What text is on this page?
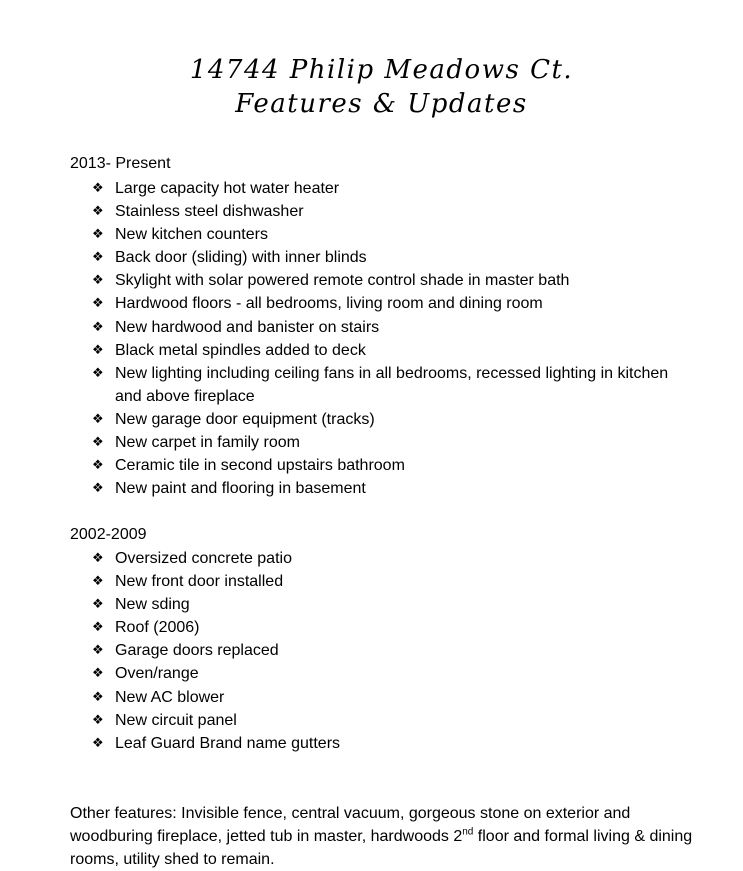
14744 Philip Meadows Ct.
Features & Updates
2013- Present
❖ Large capacity hot water heater
❖ Stainless steel dishwasher
❖ New kitchen counters
❖ Back door (sliding) with inner blinds
❖ Skylight with solar powered remote control shade in master bath
❖ Hardwood floors - all bedrooms, living room and dining room
❖ New hardwood and banister on stairs
❖ Black metal spindles added to deck
❖ New lighting including ceiling fans in all bedrooms, recessed lighting in kitchen and above fireplace
❖ New garage door equipment (tracks)
❖ New carpet in family room
❖ Ceramic tile in second upstairs bathroom
❖ New paint and flooring in basement
2002-2009
❖ Oversized concrete patio
❖ New front door installed
❖ New sding
❖ Roof (2006)
❖ Garage doors replaced
❖ Oven/range
❖ New AC blower
❖ New circuit panel
❖ Leaf Guard Brand name gutters

Other features: Invisible fence, central vacuum, gorgeous stone on exterior and woodburing fireplace, jetted tub in master, hardwoods 2nd floor and formal living & dining rooms, utility shed to remain.
